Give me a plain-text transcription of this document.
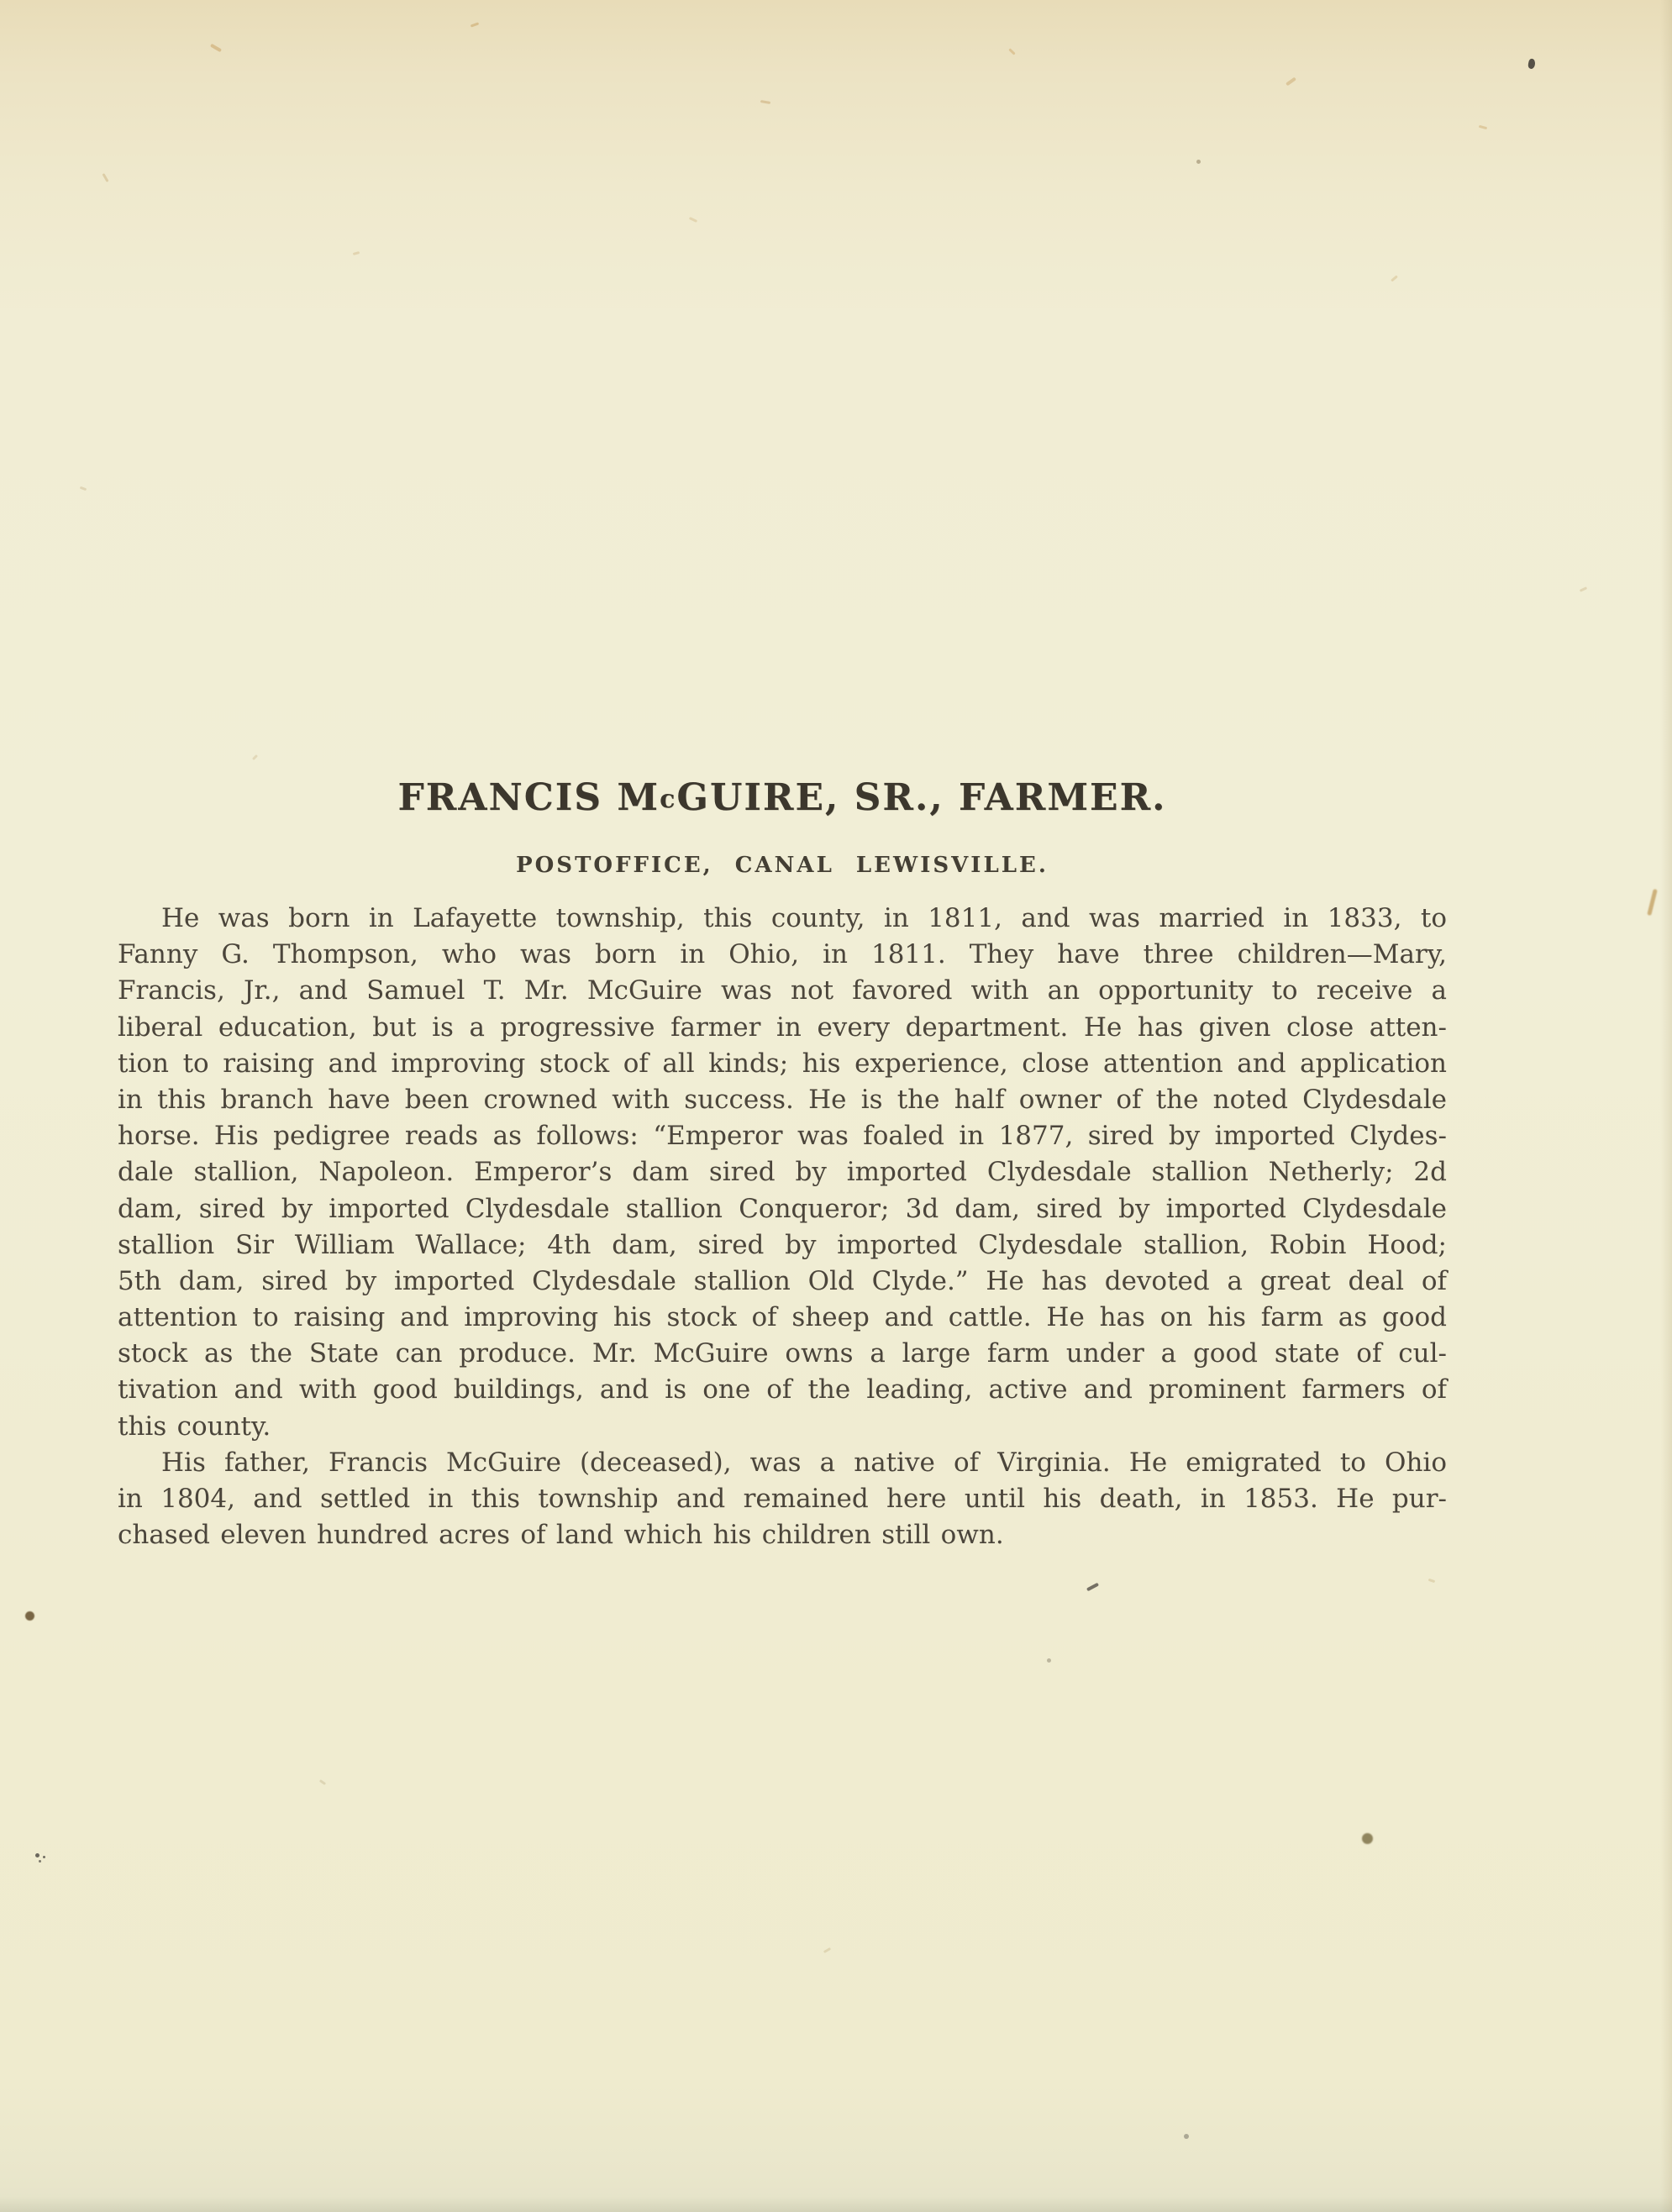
FRANCIS McGUIRE, SR., FARMER.
POSTOFFICE, CANAL LEWISVILLE.
He was born in Lafayette township, this county, in 1811, and was married in 1833, to
Fanny G. Thompson, who was born in Ohio, in 1811. They have three children—Mary,
Francis, Jr., and Samuel T. Mr. McGuire was not favored with an opportunity to receive a
liberal education, but is a progressive farmer in every department. He has given close atten-
tion to raising and improving stock of all kinds; his experience, close attention and application
in this branch have been crowned with success. He is the half owner of the noted Clydesdale
horse. His pedigree reads as follows: “Emperor was foaled in 1877, sired by imported Clydes-
dale stallion, Napoleon. Emperor’s dam sired by imported Clydesdale stallion Netherly; 2d
dam, sired by imported Clydesdale stallion Conqueror; 3d dam, sired by imported Clydesdale
stallion Sir William Wallace; 4th dam, sired by imported Clydesdale stallion, Robin Hood;
5th dam, sired by imported Clydesdale stallion Old Clyde.” He has devoted a great deal of
attention to raising and improving his stock of sheep and cattle. He has on his farm as good
stock as the State can produce. Mr. McGuire owns a large farm under a good state of cul-
tivation and with good buildings, and is one of the leading, active and prominent farmers of
this county.
His father, Francis McGuire (deceased), was a native of Virginia. He emigrated to Ohio
in 1804, and settled in this township and remained here until his death, in 1853. He pur-
chased eleven hundred acres of land which his children still own.
